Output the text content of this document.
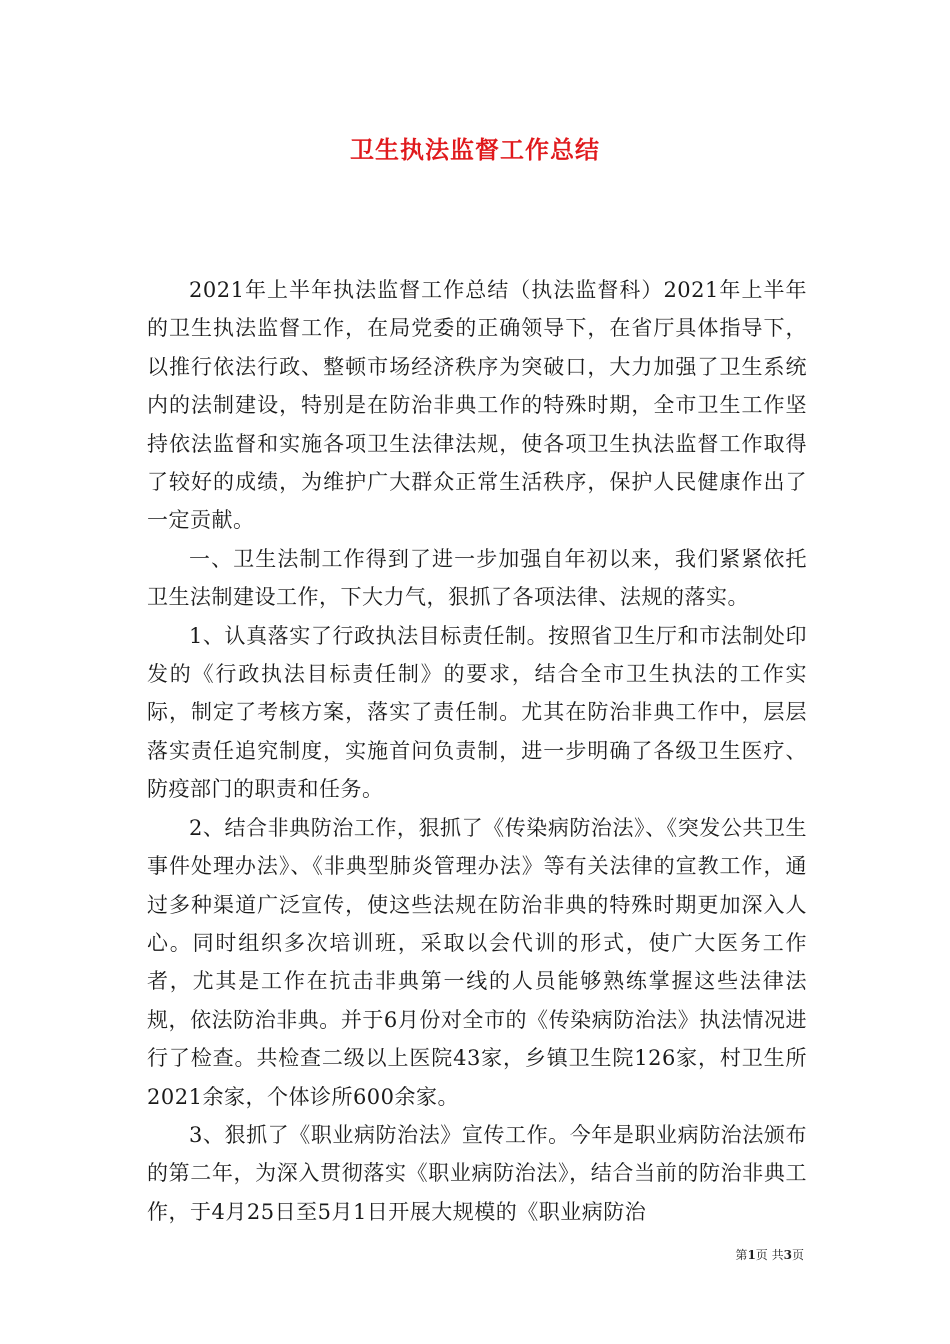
卫生执法监督工作总结

2021年上半年执法监督工作总结（执法监督科）2021年上半年的卫生执法监督工作，在局党委的正确领导下，在省厅具体指导下，以推行依法行政、整顿市场经济秩序为突破口，大力加强了卫生系统内的法制建设，特别是在防治非典工作的特殊时期，全市卫生工作坚持依法监督和实施各项卫生法律法规，使各项卫生执法监督工作取得了较好的成绩，为维护广大群众正常生活秩序，保护人民健康作出了一定贡献。

一、卫生法制工作得到了进一步加强自年初以来，我们紧紧依托卫生法制建设工作，下大力气，狠抓了各项法律、法规的落实。

1、认真落实了行政执法目标责任制。按照省卫生厅和市法制处印发的《行政执法目标责任制》的要求，结合全市卫生执法的工作实际，制定了考核方案，落实了责任制。尤其在防治非典工作中，层层落实责任追究制度，实施首问负责制，进一步明确了各级卫生医疗、防疫部门的职责和任务。

2、结合非典防治工作，狠抓了《传染病防治法》、《突发公共卫生事件处理办法》、《非典型肺炎管理办法》等有关法律的宣教工作，通过多种渠道广泛宣传，使这些法规在防治非典的特殊时期更加深入人心。同时组织多次培训班，采取以会代训的形式，使广大医务工作者，尤其是工作在抗击非典第一线的人员能够熟练掌握这些法律法规，依法防治非典。并于6月份对全市的《传染病防治法》执法情况进行了检查。共检查二级以上医院43家，乡镇卫生院126家，村卫生所2021余家，个体诊所600余家。

3、狠抓了《职业病防治法》宣传工作。今年是职业病防治法颁布的第二年，为深入贯彻落实《职业病防治法》，结合当前的防治非典工作，于4月25日至5月1日开展大规模的《职业病防治

第1页 共3页
